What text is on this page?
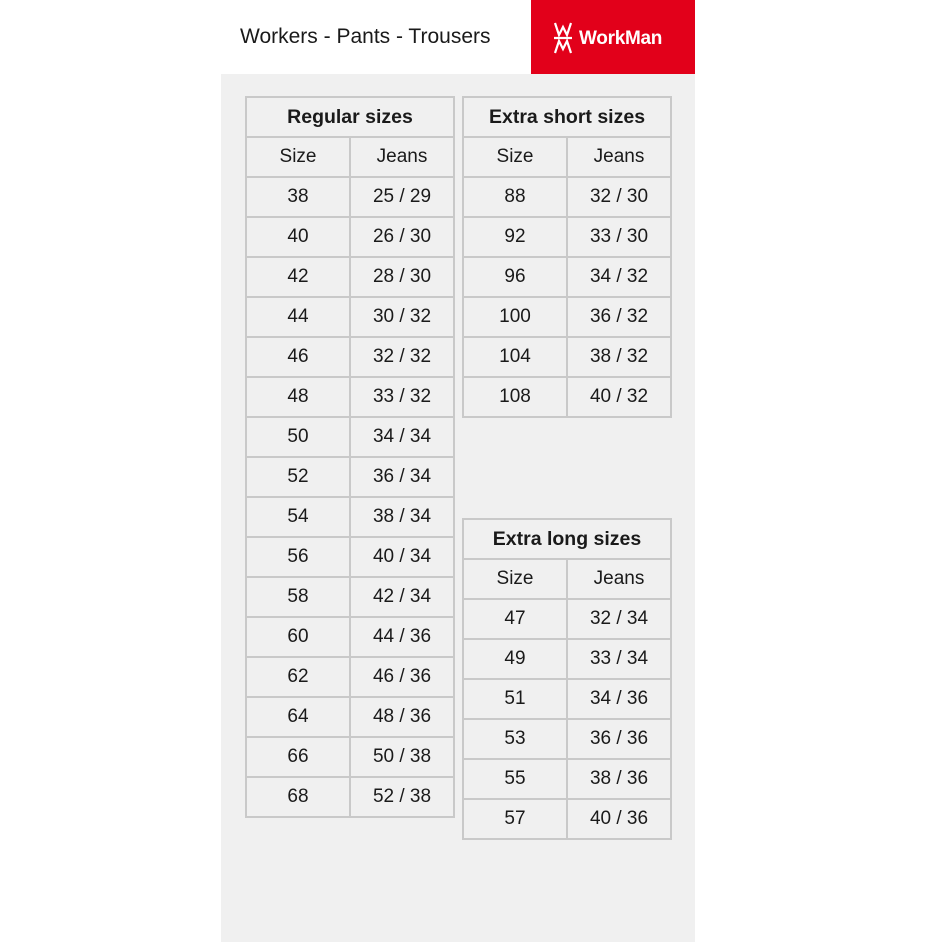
Workers - Pants - Trousers	WorkMan
Regular sizes	
Size	Jeans
38	25 / 29
40	26 / 30
42	28 / 30
44	30 / 32
46	32 / 32
48	33 / 32
50	34 / 34
52	36 / 34
54	38 / 34
56	40 / 34
58	42 / 34
60	44 / 36
62	46 / 36
64	48 / 36
66	50 / 38
68	52 / 38
Extra short sizes	
Size	Jeans
88	32 / 30
92	33 / 30
96	34 / 32
100	36 / 32
104	38 / 32
108	40 / 32
Extra long sizes	
Size	Jeans
47	32 / 34
49	33 / 34
51	34 / 36
53	36 / 36
55	38 / 36
57	40 / 36
